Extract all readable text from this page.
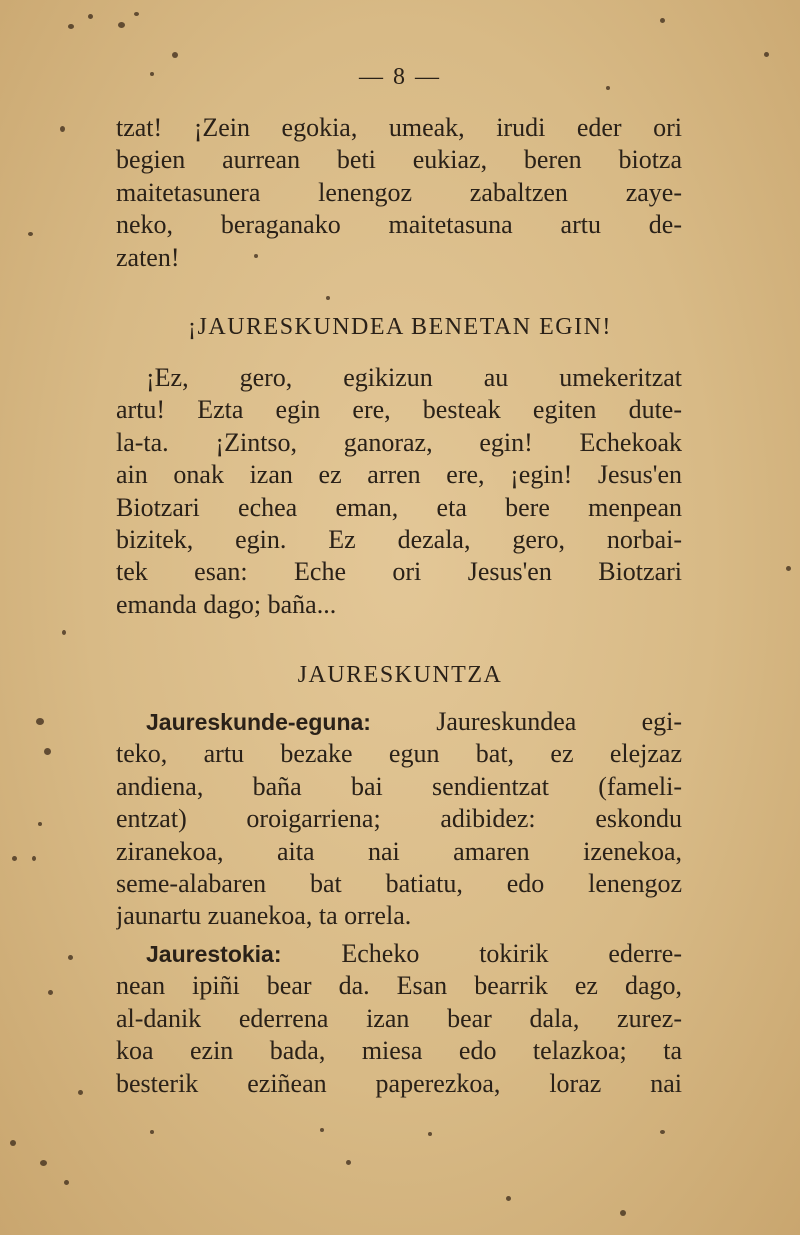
— 8 —
tzat! ¡Zein egokia, umeak, irudi eder ori
begien aurrean beti eukiaz, beren biotza
maitetasunera lenengoz zabaltzen zaye-
neko, beraganako maitetasuna artu de-
zaten!
¡JAURESKUNDEA BENETAN EGIN!
¡Ez, gero, egikizun au umekeritzat
artu! Ezta egin ere, besteak egiten dute-
la-ta. ¡Zintso, ganoraz, egin! Echekoak
ain onak izan ez arren ere, ¡egin! Jesus'en
Biotzari echea eman, eta bere menpean
bizitek, egin. Ez dezala, gero, norbai-
tek esan: Eche ori Jesus'en Biotzari
emanda dago; baña...
JAURESKUNTZA
Jaureskunde-eguna: Jaureskundea egi-
teko, artu bezake egun bat, ez elejzaz
andiena, baña bai sendientzat (fameli-
entzat) oroigarriena; adibidez: eskondu
ziranekoa, aita nai amaren izenekoa,
seme-alabaren bat batiatu, edo lenengoz
jaunartu zuanekoa, ta orrela.
Jaurestokia: Echeko tokirik ederre-
nean ipiñi bear da. Esan bearrik ez dago,
al-danik ederrena izan bear dala, zurez-
koa ezin bada, miesa edo telazkoa; ta
besterik eziñean paperezkoa, loraz nai
